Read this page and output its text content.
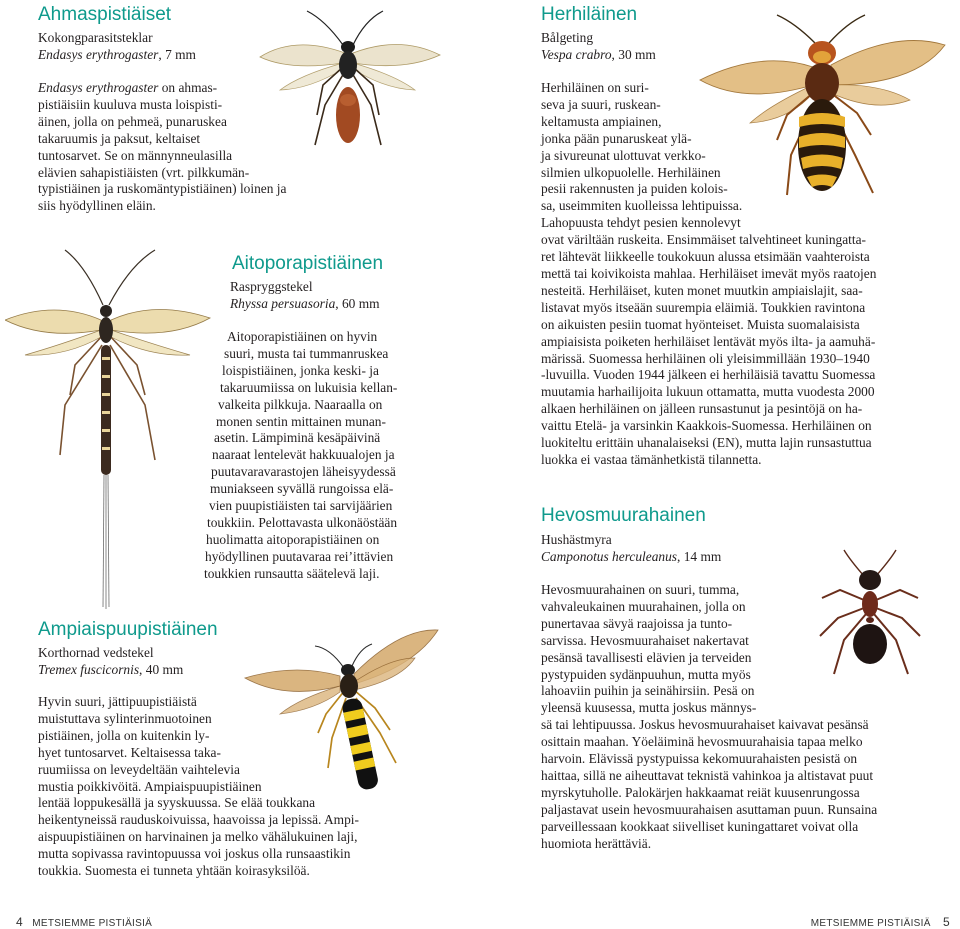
Ahmaspistiäiset
Kokongparasitsteklar
Endasys erythrogaster, 7 mm
Endasys erythrogaster on ahmas-
pistiäisiin kuuluva musta loispisti-
äinen, jolla on pehmeä, punaruskea
takaruumis ja paksut, keltaiset
tuntosarvet. Se on männynneulasilla
elävien sahapistiäisten (vrt. pilkkumän-
typistiäinen ja ruskomäntypistiäinen) loinen ja
siis hyödyllinen eläin.
Aitoporapistiäinen
Raspryggstekel
Rhyssa persuasoria, 60 mm
Aitoporapistiäinen on hyvin
suuri, musta tai tummanruskea
loispistiäinen, jonka keski- ja
takaruumiissa on lukuisia kellan-
valkeita pilkkuja. Naaraalla on
monen sentin mittainen munan-
asetin. Lämpiminä kesäpäivinä
naaraat lentelevät hakkuualojen ja
puutavaravarastojen läheisyydessä
muniakseen syvällä rungoissa elä-
vien puupistiäisten tai sarvijäärien
toukkiin. Pelottavasta ulkonäöstään
huolimatta aitoporapistiäinen on
hyödyllinen puutavaraa rei’ittävien
toukkien runsautta säätelevä laji.
Ampiaispuupistiäinen
Korthornad vedstekel
Tremex fuscicornis, 40 mm
Hyvin suuri, jättipuupistiäistä
muistuttava sylinterinmuotoinen
pistiäinen, jolla on kuitenkin ly-
hyet tuntosarvet. Keltaisessa taka-
ruumiissa on leveydeltään vaihtelevia
mustia poikkivöitä. Ampiaispuupistiäinen
lentää loppukesällä ja syyskuussa. Se elää toukkana
heikentyneissä rauduskoivuissa, haavoissa ja lepissä. Ampi-
aispuupistiäinen on harvinainen ja melko vähälukuinen laji,
mutta sopivassa ravintopuussa voi joskus olla runsaastikin
toukkia. Suomesta ei tunneta yhtään koirasyksilöä.
4 METSIEMME PISTIÄISIÄ
Herhiläinen
Bålgeting
Vespa crabro, 30 mm
Herhiläinen on suri-
seva ja suuri, ruskean-
keltamusta ampiainen,
jonka pään punaruskeat ylä-
ja sivureunat ulottuvat verkko-
silmien ulkopuolelle. Herhiläinen
pesii rakennusten ja puiden kolois-
sa, useimmiten kuolleissa lehtipuissa.
Lahopuusta tehdyt pesien kennolevyt
ovat väriltään ruskeita. Ensimmäiset talvehtineet kuningatta-
ret lähtevät liikkeelle toukokuun alussa etsimään vaahteroista
mettä tai koivikoista mahlaa. Herhiläiset imevät myös raatojen
nesteitä. Herhiläiset, kuten monet muutkin ampiaislajit, saa-
listavat myös itseään suurempia eläimiä. Toukkien ravintona
on aikuisten pesiin tuomat hyönteiset. Muista suomalaisista
ampiaisista poiketen herhiläiset lentävät myös ilta- ja aamuhä-
märissä. Suomessa herhiläinen oli yleisimmillään 1930–1940
-luvuilla. Vuoden 1944 jälkeen ei herhiläisiä tavattu Suomessa
muutamia harhailijoita lukuun ottamatta, mutta vuodesta 2000
alkaen herhiläinen on jälleen runsastunut ja pesintöjä on ha-
vaittu Etelä- ja varsinkin Kaakkois-Suomessa. Herhiläinen on
luokiteltu erittäin uhanalaiseksi (EN), mutta lajin runsastuttua
luokka ei vastaa tämänhetkistä tilannetta.
Hevosmuurahainen
Hushästmyra
Camponotus herculeanus, 14 mm
Hevosmuurahainen on suuri, tumma,
vahvaleukainen muurahainen, jolla on
punertavaa sävyä raajoissa ja tunto-
sarvissa. Hevosmuurahaiset nakertavat
pesänsä tavallisesti elävien ja terveiden
pystypuiden sydänpuuhun, mutta myös
lahoaviin puihin ja seinähirsiin. Pesä on
yleensä kuusessa, mutta joskus männys-
sä tai lehtipuussa. Joskus hevosmuurahaiset kaivavat pesänsä
osittain maahan. Yöeläiminä hevosmuurahaisia tapaa melko
harvoin. Elävissä pystypuissa kekomuurahaisten pesistä on
haittaa, sillä ne aiheuttavat teknistä vahinkoa ja altistavat puut
myrskytuholle. Palokärjen hakkaamat reiät kuusenrungossa
paljastavat usein hevosmuurahaisen asuttaman puun. Runsaina
parveillessaan kookkaat siivelliset kuningattaret voivat olla
huomiota herättäviä.
METSIEMME PISTIÄISIÄ 5
